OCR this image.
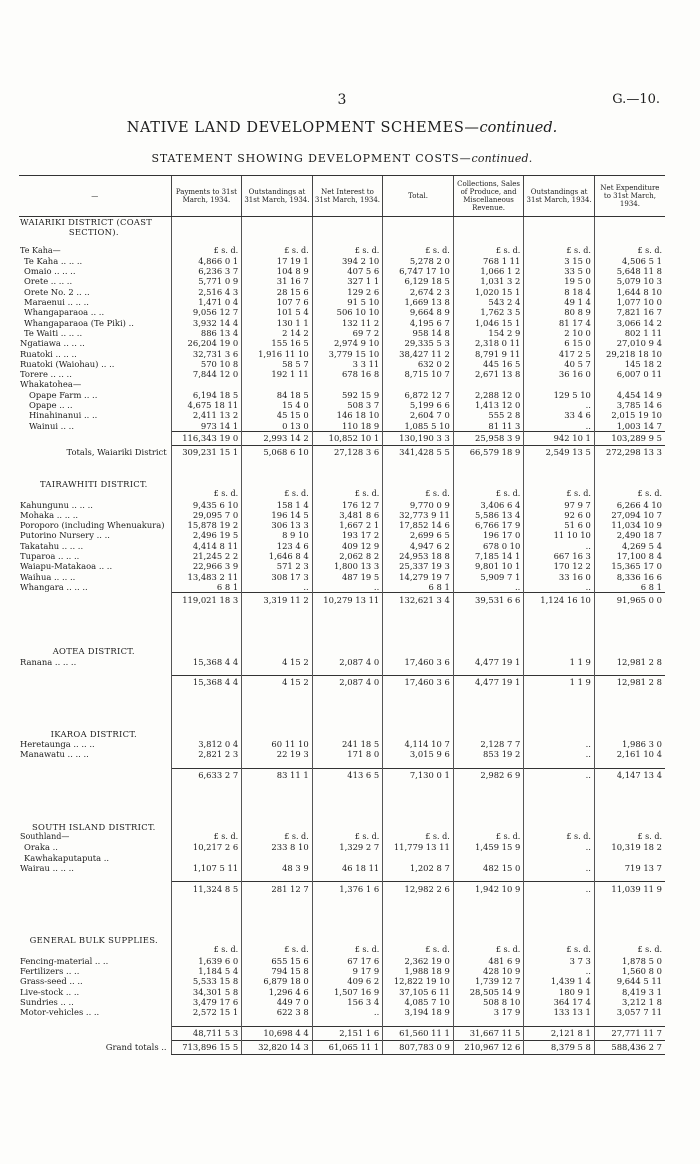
3	G.—10.
NATIVE LAND DEVELOPMENT SCHEMES—continued.
STATEMENT SHOWING DEVELOPMENT COSTS—continued.
—	Payments to 31st March, 1934.	Outstandings at 31st March, 1934.	Net Interest to 31st March, 1934.	Total.	Collections, Sales of Produce, and Miscellaneous Revenue.	Outstandings at 31st March, 1934.	Net Expenditure to 31st March, 1934.
WAIARIKI DISTRICT (COAST							
SECTION).							

Te Kaha—	£ s. d.	£ s. d.	£ s. d.	£ s. d.	£ s. d.	£ s. d.	£ s. d.
Te Kaha .. .. ..	4,866 0 1	17 19 1	394 2 10	5,278 2 0	768 1 11	3 15 0	4,506 5 1
Omaio .. .. ..	6,236 3 7	104 8 9	407 5 6	6,747 17 10	1,066 1 2	33 5 0	5,648 11 8
Orete .. .. ..	5,771 0 9	31 16 7	327 1 1	6,129 18 5	1,031 3 2	19 5 0	5,079 10 3
Orete No. 2 .. ..	2,516 4 3	28 15 6	129 2 6	2,674 2 3	1,020 15 1	8 18 4	1,644 8 10
Maraenui .. .. ..	1,471 0 4	107 7 6	91 5 10	1,669 13 8	543 2 4	49 1 4	1,077 10 0
Whangaparaoa .. ..	9,056 12 7	101 5 4	506 10 10	9,664 8 9	1,762 3 5	80 8 9	7,821 16 7
Whangaparaoa (Te Piki) ..	3,932 14 4	130 1 1	132 11 2	4,195 6 7	1,046 15 1	81 17 4	3,066 14 2
Te Waiti .. .. ..	886 13 4	2 14 2	69 7 2	958 14 8	154 2 9	2 10 0	802 1 11
Ngatiawa .. .. ..	26,204 19 0	155 16 5	2,974 9 10	29,335 5 3	2,318 0 11	6 15 0	27,010 9 4
Ruatoki .. .. ..	32,731 3 6	1,916 11 10	3,779 15 10	38,427 11 2	8,791 9 11	417 2 5	29,218 18 10
Ruatoki (Waiohau) .. ..	570 10 8	58 5 7	3 3 11	632 0 2	445 16 5	40 5 7	145 18 2
Torere .. .. ..	7,844 12 0	192 1 11	678 16 8	8,715 10 7	2,671 13 8	36 16 0	6,007 0 11
Whakatohea—							
Opape Farm .. ..	6,194 18 5	84 18 5	592 15 9	6,872 12 7	2,288 12 0	129 5 10	4,454 14 9
Opape .. ..	4,675 18 11	15 4 0	508 3 7	5,199 6 6	1,413 12 0	..	3,785 14 6
Hinahinanui .. ..	2,411 13 2	45 15 0	146 18 10	2,604 7 0	555 2 8	33 4 6	2,015 19 10
Wainui .. ..	973 14 1	0 13 0	110 18 9	1,085 5 10	81 11 3	..	1,003 14 7
	116,343 19 0	2,993 14 2	10,852 10 1	130,190 3 3	25,958 3 9	942 10 1	103,289 9 5
Totals, Waiariki District	309,231 15 1	5,068 6 10	27,128 3 6	341,428 5 5	66,579 18 9	2,549 13 5	272,298 13 3

TAIRAWHITI DISTRICT.							
	£ s. d.	£ s. d.	£ s. d.	£ s. d.	£ s. d.	£ s. d.	£ s. d.
Kahungunu .. .. ..	9,435 6 10	158 1 4	176 12 7	9,770 0 9	3,406 6 4	97 9 7	6,266 4 10
Mohaka .. .. ..	29,095 7 0	196 14 5	3,481 8 6	32,773 9 11	5,586 13 4	92 6 0	27,094 10 7
Poroporo (including Whenuakura)	15,878 19 2	306 13 3	1,667 2 1	17,852 14 6	6,766 17 9	51 6 0	11,034 10 9
Putorino Nursery .. ..	2,496 19 5	8 9 10	193 17 2	2,699 6 5	196 17 0	11 10 10	2,490 18 7
Takatahu .. .. ..	4,414 8 11	123 4 6	409 12 9	4,947 6 2	678 0 10	..	4,269 5 4
Tuparoa .. .. ..	21,245 2 2	1,646 8 4	2,062 8 2	24,953 18 8	7,185 14 1	667 16 3	17,100 8 4
Waiapu-Matakaoa .. ..	22,966 3 9	571 2 3	1,800 13 3	25,337 19 3	9,801 10 1	170 12 2	15,365 17 0
Waihua .. .. ..	13,483 2 11	308 17 3	487 19 5	14,279 19 7	5,909 7 1	33 16 0	8,336 16 6
Whangara .. .. ..	6 8 1	..	..	6 8 1	..	..	6 8 1
	119,021 18 3	3,319 11 2	10,279 13 11	132,621 3 4	39,531 6 6	1,124 16 10	91,965 0 0

AOTEA DISTRICT.							
Ranana .. .. ..	15,368 4 4	4 15 2	2,087 4 0	17,460 3 6	4,477 19 1	1 1 9	12,981 2 8

	15,368 4 4	4 15 2	2,087 4 0	17,460 3 6	4,477 19 1	1 1 9	12,981 2 8

IKAROA DISTRICT.							
Heretaunga .. .. ..	3,812 0 4	60 11 10	241 18 5	4,114 10 7	2,128 7 7	..	1,986 3 0
Manawatu .. .. ..	2,821 2 3	22 19 3	171 8 0	3,015 9 6	853 19 2	..	2,161 10 4

	6,633 2 7	83 11 1	413 6 5	7,130 0 1	2,982 6 9	..	4,147 13 4

SOUTH ISLAND DISTRICT.							
Southland—	£ s. d.	£ s. d.	£ s. d.	£ s. d.	£ s. d.	£ s. d.	£ s. d.
Oraka ..	10,217 2 6	233 8 10	1,329 2 7	11,779 13 11	1,459 15 9	..	10,319 18 2
Kawhakaputaputa ..							
Wairau .. .. ..	1,107 5 11	48 3 9	46 18 11	1,202 8 7	482 15 0	..	719 13 7

	11,324 8 5	281 12 7	1,376 1 6	12,982 2 6	1,942 10 9	..	11,039 11 9

GENERAL BULK SUPPLIES.							
	£ s. d.	£ s. d.	£ s. d.	£ s. d.	£ s. d.	£ s. d.	£ s. d.
Fencing-material .. ..	1,639 6 0	655 15 6	67 17 6	2,362 19 0	481 6 9	3 7 3	1,878 5 0
Fertilizers .. ..	1,184 5 4	794 15 8	9 17 9	1,988 18 9	428 10 9	..	1,560 8 0
Grass-seed .. ..	5,533 15 8	6,879 18 0	409 6 2	12,822 19 10	1,739 12 7	1,439 1 4	9,644 5 11
Live-stock .. ..	34,301 5 8	1,296 4 6	1,507 16 9	37,105 6 11	28,505 14 9	180 9 1	8,419 3 1
Sundries .. ..	3,479 17 6	449 7 0	156 3 4	4,085 7 10	508 8 10	364 17 4	3,212 1 8
Motor-vehicles .. ..	2,572 15 1	622 3 8	..	3,194 18 9	3 17 9	133 13 1	3,057 7 11

	48,711 5 3	10,698 4 4	2,151 1 6	61,560 11 1	31,667 11 5	2,121 8 1	27,771 11 7
Grand totals ..	713,896 15 5	32,820 14 3	61,065 11 1	807,783 0 9	210,967 12 6	8,379 5 8	588,436 2 7
